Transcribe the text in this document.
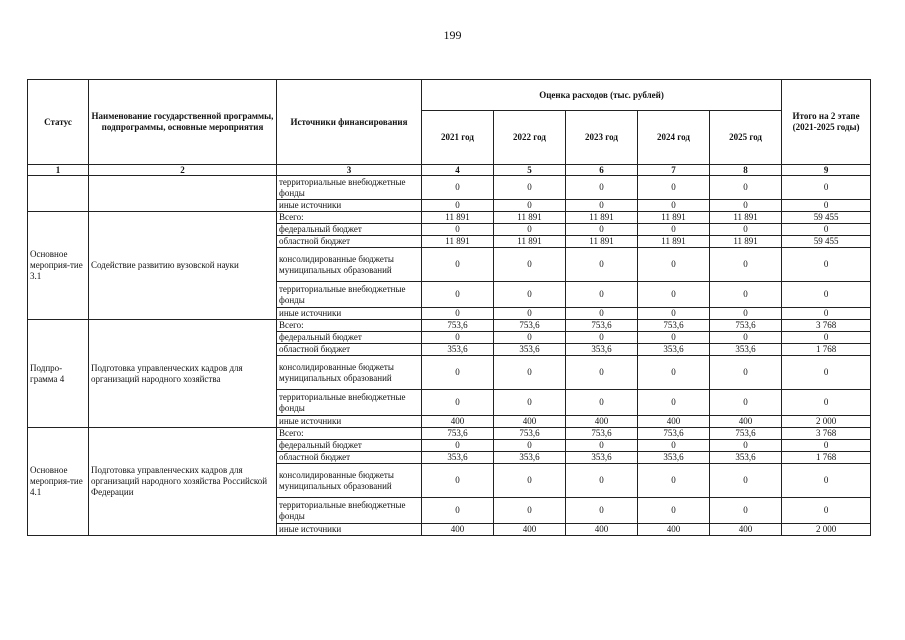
199
Статус	Наименование государственной программы, подпрограммы, основные мероприятия	Источники финансирования	Оценка расходов (тыс. рублей)					Итого на 2 этапе (2021-2025 годы)
			2021 год	2022 год	2023 год	2024 год	2025 год	
1	2	3	4	5	6	7	8	9
		территориальные внебюджетные фонды	0	0	0	0	0	0
		иные источники	0	0	0	0	0	0
Основное мероприя-тие 3.1	Содействие развитию вузовской науки	Всего:	11 891	11 891	11 891	11 891	11 891	59 455
		федеральный бюджет	0	0	0	0	0	0
		областной бюджет	11 891	11 891	11 891	11 891	11 891	59 455
		консолидированные бюджеты муниципальных образований	0	0	0	0	0	0
		территориальные внебюджетные фонды	0	0	0	0	0	0
		иные источники	0	0	0	0	0	0
Подпро-грамма 4	Подготовка управленческих кадров для организаций народного хозяйства	Всего:	753,6	753,6	753,6	753,6	753,6	3 768
		федеральный бюджет	0	0	0	0	0	0
		областной бюджет	353,6	353,6	353,6	353,6	353,6	1 768
		консолидированные бюджеты муниципальных образований	0	0	0	0	0	0
		территориальные внебюджетные фонды	0	0	0	0	0	0
		иные источники	400	400	400	400	400	2 000
Основное мероприя-тие 4.1	Подготовка управленческих кадров для организаций народного хозяйства Российской Федерации	Всего:	753,6	753,6	753,6	753,6	753,6	3 768
		федеральный бюджет	0	0	0	0	0	0
		областной бюджет	353,6	353,6	353,6	353,6	353,6	1 768
		консолидированные бюджеты муниципальных образований	0	0	0	0	0	0
		территориальные внебюджетные фонды	0	0	0	0	0	0
		иные источники	400	400	400	400	400	2 000
